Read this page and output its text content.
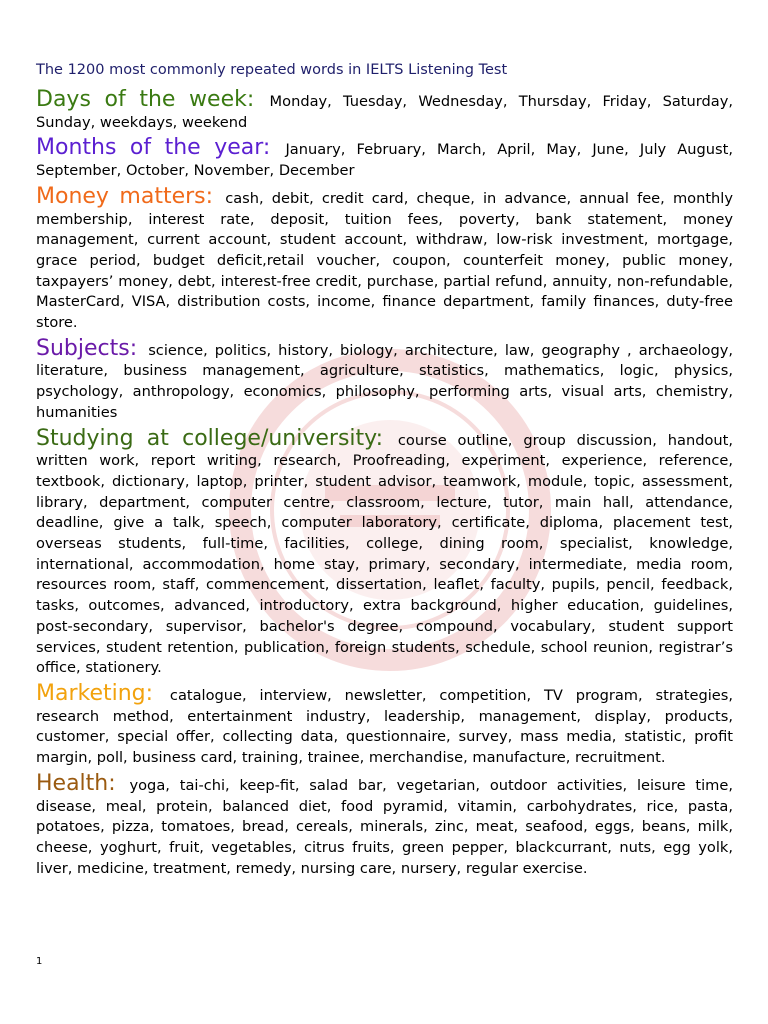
The 1200 most commonly repeated words in IELTS Listening Test
Days of the week: Monday, Tuesday, Wednesday, Thursday, Friday, Saturday, Sunday, weekdays, weekend
Months of the year: January, February, March, April, May, June, July August, September, October, November, December
Money matters: cash, debit, credit card, cheque, in advance, annual fee, monthly membership, interest rate, deposit, tuition fees, poverty, bank statement, money management, current account, student account, withdraw, low-risk investment, mortgage, grace period, budget deficit,retail voucher, coupon, counterfeit money, public money, taxpayers’ money, debt, interest-free credit, purchase, partial refund, annuity, non-refundable, MasterCard, VISA, distribution costs, income, finance department, family finances, duty-free store.
Subjects: science, politics, history, biology, architecture, law, geography , archaeology, literature, business management, agriculture, statistics, mathematics, logic, physics, psychology, anthropology, economics, philosophy, performing arts, visual arts, chemistry, humanities
Studying at college/university: course outline, group discussion, handout, written work, report writing, research, Proofreading, experiment, experience, reference, textbook, dictionary, laptop, printer, student advisor, teamwork, module, topic, assessment, library, department, computer centre, classroom, lecture, tutor, main hall, attendance, deadline, give a talk, speech, computer laboratory, certificate, diploma, placement test, overseas students, full-time, facilities, college, dining room, specialist, knowledge, international, accommodation, home stay, primary, secondary, intermediate, media room, resources room, staff, commencement, dissertation, leaflet, faculty, pupils, pencil, feedback, tasks, outcomes, advanced, introductory, extra background, higher education, guidelines, post-secondary, supervisor, bachelor's degree, compound, vocabulary, student support services, student retention, publication, foreign students, schedule, school reunion, registrar’s office, stationery.
Marketing: catalogue, interview, newsletter, competition, TV program, strategies, research method, entertainment industry, leadership, management, display, products, customer, special offer, collecting data, questionnaire, survey, mass media, statistic, profit margin, poll, business card, training, trainee, merchandise, manufacture, recruitment.
Health: yoga, tai-chi, keep-fit, salad bar, vegetarian, outdoor activities, leisure time, disease, meal, protein, balanced diet, food pyramid, vitamin, carbohydrates, rice, pasta, potatoes, pizza, tomatoes, bread, cereals, minerals, zinc, meat, seafood, eggs, beans, milk, cheese, yoghurt, fruit, vegetables, citrus fruits, green pepper, blackcurrant, nuts, egg yolk, liver, medicine, treatment, remedy, nursing care, nursery, regular exercise.
1
